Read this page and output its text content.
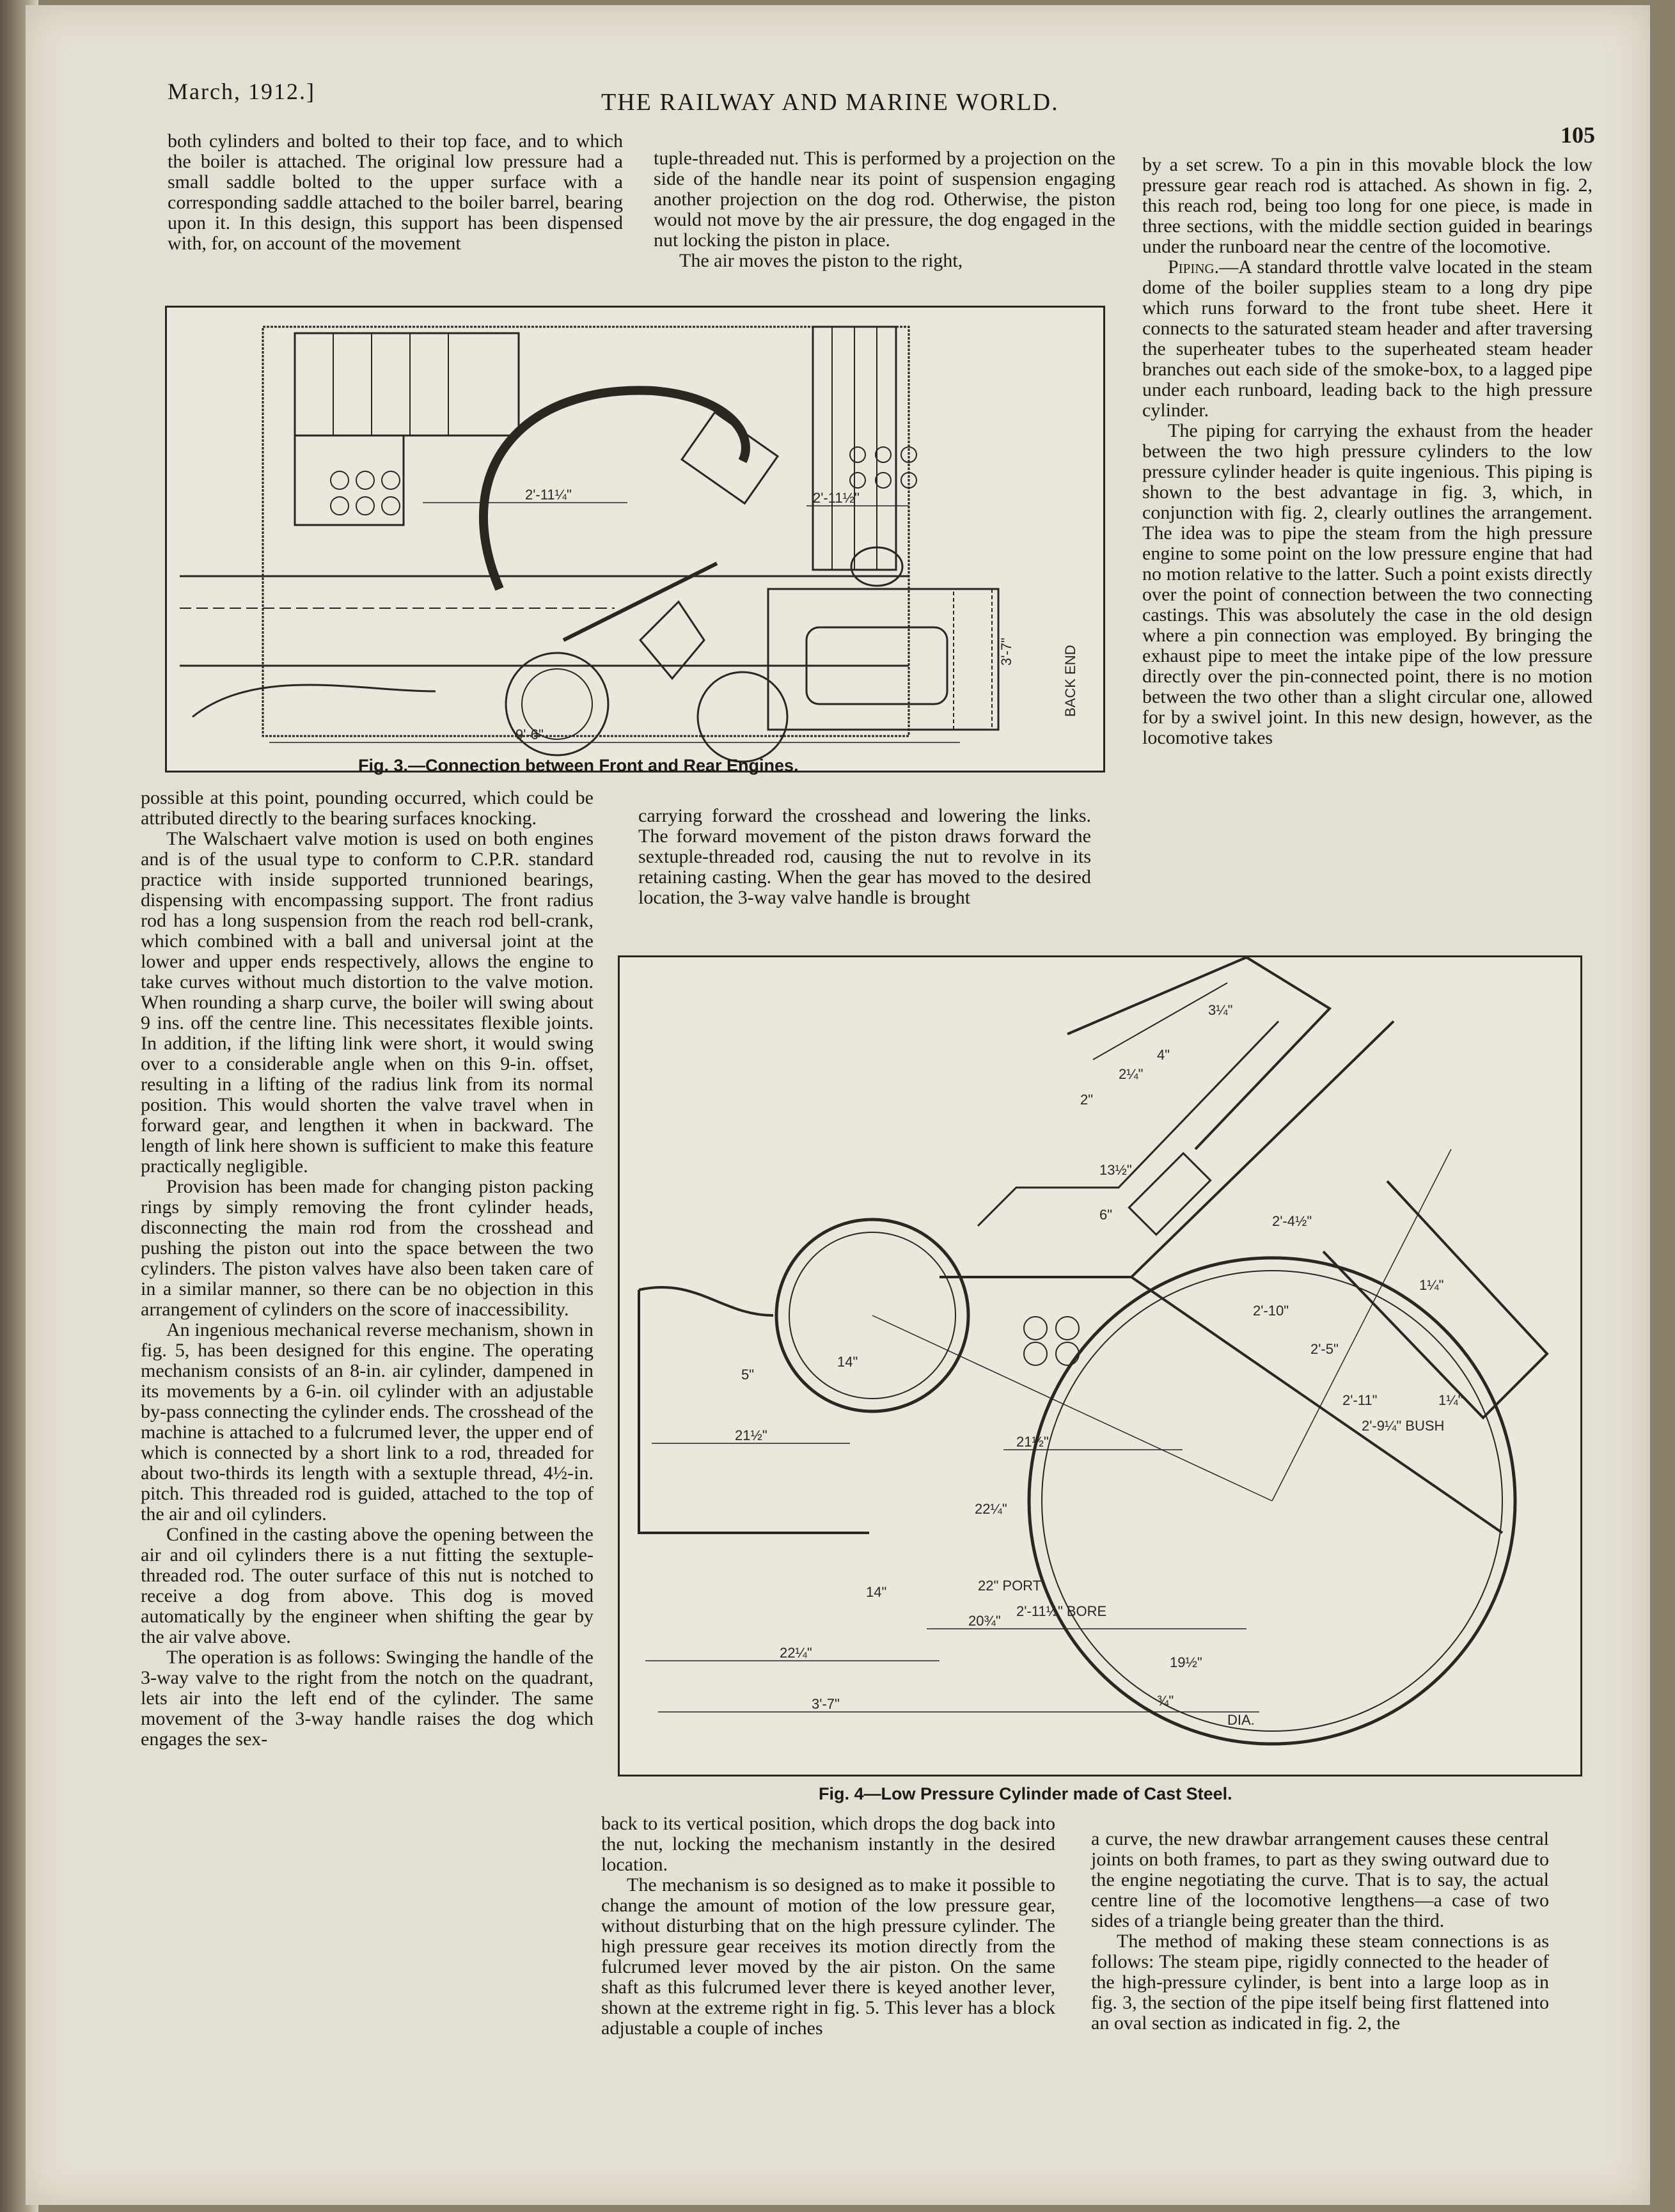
March, 1912.]	THE RAILWAY AND MARINE WORLD.
105

both cylinders and bolted to their top face, and to which the boiler is attached. The original low pressure had a small saddle bolted to the upper surface with a corresponding saddle attached to the boiler barrel, bearing upon it. In this design, this support has been dispensed with, for, on account of the movement

tuple-threaded nut. This is performed by a projection on the side of the handle near its point of suspension engaging another projection on the dog rod. Otherwise, the piston would not move by the air pressure, the dog engaged in the nut locking the piston in place.

The air moves the piston to the right,

by a set screw. To a pin in this movable block the low pressure gear reach rod is attached. As shown in fig. 2, this reach rod, being too long for one piece, is made in three sections, with the middle section guided in bearings under the runboard near the centre of the locomotive.

Piping.—A standard throttle valve located in the steam dome of the boiler supplies steam to a long dry pipe which runs forward to the front tube sheet. Here it connects to the saturated steam header and after traversing the superheater tubes to the superheated steam header branches out each side of the smoke-box, to a lagged pipe under each runboard, leading back to the high pressure cylinder.

The piping for carrying the exhaust from the header between the two high pressure cylinders to the low pressure cylinder header is quite ingenious. This piping is shown to the best advantage in fig. 3, which, in conjunction with fig. 2, clearly outlines the arrangement. The idea was to pipe the steam from the high pressure engine to some point on the low pressure engine that had no motion relative to the latter. Such a point exists directly over the point of connection between the two connecting castings. This was absolutely the case in the old design where a pin connection was employed. By bringing the exhaust pipe to meet the intake pipe of the low pressure directly over the pin-connected point, there is no motion between the two other than a slight circular one, allowed for by a swivel joint. In this new design, however, as the locomotive takes

2'-11¼"	2'-11½"
9'-6"
3'-7"	BACK END
Fig. 3.—Connection between Front and Rear Engines.

possible at this point, pounding occurred, which could be attributed directly to the bearing surfaces knocking.

The Walschaert valve motion is used on both engines and is of the usual type to conform to C.P.R. standard practice with inside supported trunnioned bearings, dispensing with encompassing support. The front radius rod has a long suspension from the reach rod bell-crank, which combined with a ball and universal joint at the lower and upper ends respectively, allows the engine to take curves without much distortion to the valve motion. When rounding a sharp curve, the boiler will swing about 9 ins. off the centre line. This necessitates flexible joints. In addition, if the lifting link were short, it would swing over to a considerable angle when on this 9-in. offset, resulting in a lifting of the radius link from its normal position. This would shorten the valve travel when in forward gear, and lengthen it when in backward. The length of link here shown is sufficient to make this feature practically negligible.

Provision has been made for changing piston packing rings by simply removing the front cylinder heads, disconnecting the main rod from the crosshead and pushing the piston out into the space between the two cylinders. The piston valves have also been taken care of in a similar manner, so there can be no objection in this arrangement of cylinders on the score of inaccessibility.

An ingenious mechanical reverse mechanism, shown in fig. 5, has been designed for this engine. The operating mechanism consists of an 8-in. air cylinder, dampened in its movements by a 6-in. oil cylinder with an adjustable by-pass connecting the cylinder ends. The crosshead of the machine is attached to a fulcrumed lever, the upper end of which is connected by a short link to a rod, threaded for about two-thirds its length with a sextuple thread, 4½-in. pitch. This threaded rod is guided, attached to the top of the air and oil cylinders.

Confined in the casting above the opening between the air and oil cylinders there is a nut fitting the sextuple-threaded rod. The outer surface of this nut is notched to receive a dog from above. This dog is moved automatically by the engineer when shifting the gear by the air valve above.

The operation is as follows: Swinging the handle of the 3-way valve to the right from the notch on the quadrant, lets air into the left end of the cylinder. The same movement of the 3-way handle raises the dog which engages the sex-

carrying forward the crosshead and lowering the links. The forward movement of the piston draws forward the sextuple-threaded rod, causing the nut to revolve in its retaining casting. When the gear has moved to the desired location, the 3-way valve handle is brought

3¼"
2"
2¼"
4"
13½"
6"	2'-4½"
2'-10"
2'-5"
2'-11"
2'-9¼" BUSH
1¼"
1¼"
14"
5"
21½"	21½"
22¼"
22" PORT
2'-11½" BORE
14"
22¼"
20¾"
19½"
3'-7"	¾"
DIA.
Fig. 4—Low Pressure Cylinder made of Cast Steel.

back to its vertical position, which drops the dog back into the nut, locking the mechanism instantly in the desired location.

The mechanism is so designed as to make it possible to change the amount of motion of the low pressure gear, without disturbing that on the high pressure cylinder. The high pressure gear receives its motion directly from the fulcrumed lever moved by the air piston. On the same shaft as this fulcrumed lever there is keyed another lever, shown at the extreme right in fig. 5. This lever has a block adjustable a couple of inches

a curve, the new drawbar arrangement causes these central joints on both frames, to part as they swing outward due to the engine negotiating the curve. That is to say, the actual centre line of the locomotive lengthens—a case of two sides of a triangle being greater than the third.

The method of making these steam connections is as follows: The steam pipe, rigidly connected to the header of the high-pressure cylinder, is bent into a large loop as in fig. 3, the section of the pipe itself being first flattened into an oval section as indicated in fig. 2, the
